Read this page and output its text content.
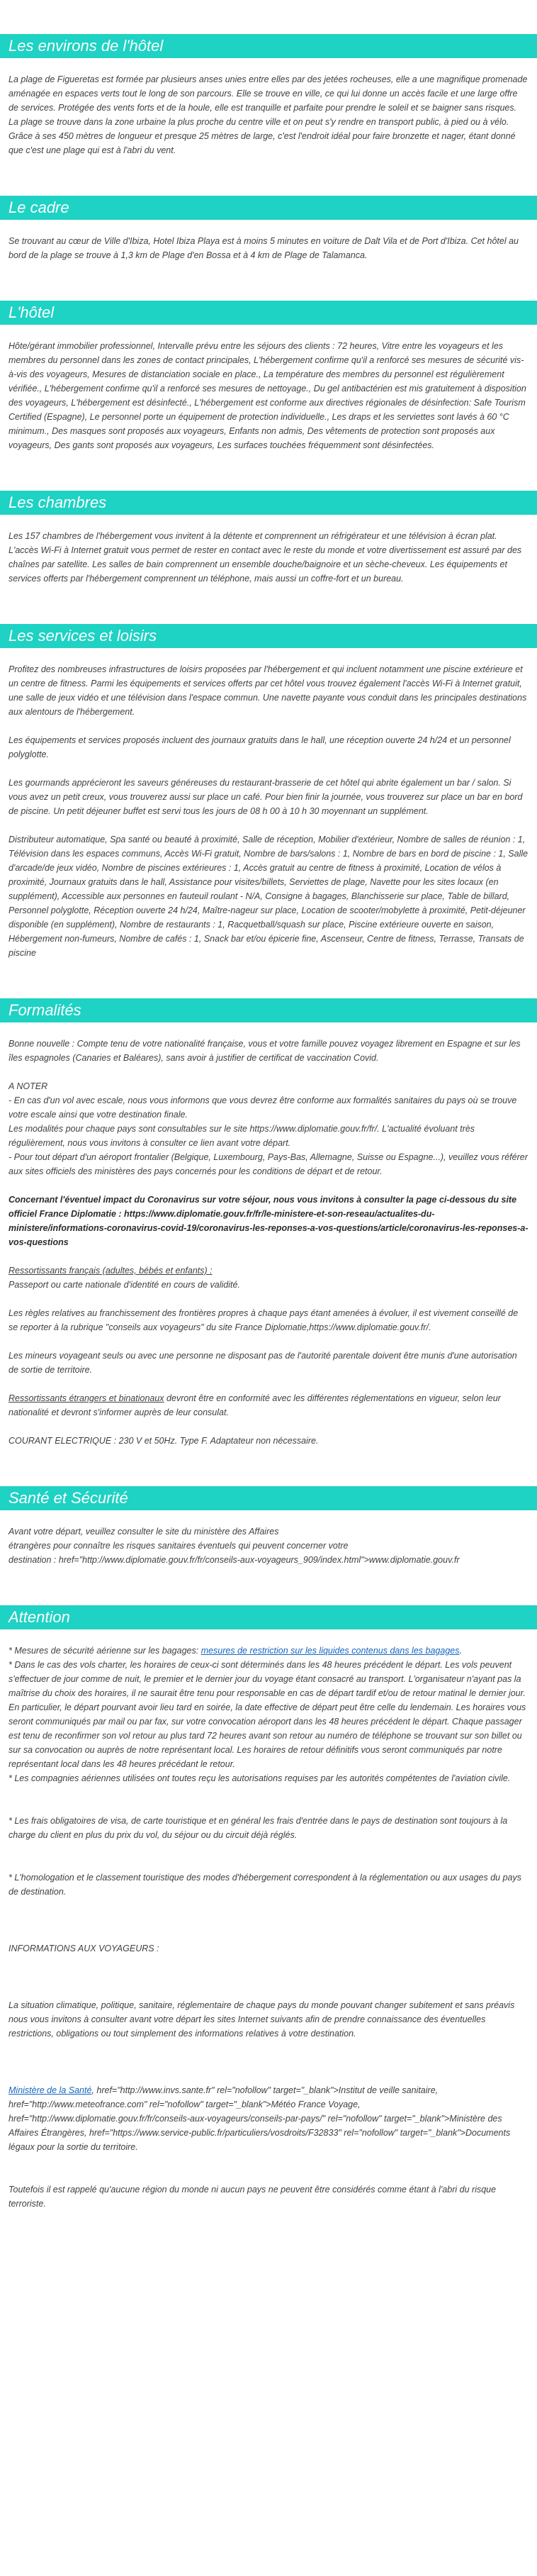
Les environs de l'hôtel

La plage de Figueretas est formée par plusieurs anses unies entre elles par des jetées rocheuses, elle a une magnifique promenade aménagée en espaces verts tout le long de son parcours. Elle se trouve en ville, ce qui lui donne un accès facile et une large offre de services. Protégée des vents forts et de la houle, elle est tranquille et parfaite pour prendre le soleil et se baigner sans risques.

La plage se trouve dans la zone urbaine la plus proche du centre ville et on peut s'y rendre en transport public, à pied ou à vélo. Grâce à ses 450 mètres de longueur et presque 25 mètres de large, c'est l'endroit idéal pour faire bronzette et nager, étant donné que c'est une plage qui est à l'abri du vent.

Le cadre

Se trouvant au cœur de Ville d'Ibiza, Hotel Ibiza Playa est à moins 5 minutes en voiture de Dalt Vila et de Port d'Ibiza. Cet hôtel au bord de la plage se trouve à 1,3 km de Plage d'en Bossa et à 4 km de Plage de Talamanca.

L'hôtel

Hôte/gérant immobilier professionnel, Intervalle prévu entre les séjours des clients : 72 heures, Vitre entre les voyageurs et les membres du personnel dans les zones de contact principales, L'hébergement confirme qu'il a renforcé ses mesures de sécurité vis-à-vis des voyageurs, Mesures de distanciation sociale en place., La température des membres du personnel est régulièrement vérifiée., L'hébergement confirme qu'il a renforcé ses mesures de nettoyage., Du gel antibactérien est mis gratuitement à disposition des voyageurs, L'hébergement est désinfecté., L'hébergement est conforme aux directives régionales de désinfection: Safe Tourism Certified (Espagne), Le personnel porte un équipement de protection individuelle., Les draps et les serviettes sont lavés à 60 °C minimum., Des masques sont proposés aux voyageurs, Enfants non admis, Des vêtements de protection sont proposés aux voyageurs, Des gants sont proposés aux voyageurs, Les surfaces touchées fréquemment sont désinfectées.

Les chambres

Les 157 chambres de l'hébergement vous invitent à la détente et comprennent un réfrigérateur et une télévision à écran plat. L'accès Wi-Fi à Internet gratuit vous permet de rester en contact avec le reste du monde et votre divertissement est assuré par des chaînes par satellite. Les salles de bain comprennent un ensemble douche/baignoire et un sèche-cheveux. Les équipements et services offerts par l'hébergement comprennent un téléphone, mais aussi un coffre-fort et un bureau.

Les services et loisirs

Profitez des nombreuses infrastructures de loisirs proposées par l'hébergement et qui incluent notamment une piscine extérieure et un centre de fitness. Parmi les équipements et services offerts par cet hôtel vous trouvez également l'accès Wi-Fi à Internet gratuit, une salle de jeux vidéo et une télévision dans l'espace commun. Une navette payante vous conduit dans les principales destinations aux alentours de l'hébergement.

Les équipements et services proposés incluent des journaux gratuits dans le hall, une réception ouverte 24 h/24 et un personnel polyglotte.

Les gourmands apprécieront les saveurs généreuses du restaurant-brasserie de cet hôtel qui abrite également un bar / salon. Si vous avez un petit creux, vous trouverez aussi sur place un café. Pour bien finir la journée, vous trouverez sur place un bar en bord de piscine. Un petit déjeuner buffet est servi tous les jours de 08 h 00 à 10 h 30 moyennant un supplément.

Distributeur automatique, Spa santé ou beauté à proximité, Salle de réception, Mobilier d'extérieur, Nombre de salles de réunion : 1, Télévision dans les espaces communs, Accès Wi-Fi gratuit, Nombre de bars/salons : 1, Nombre de bars en bord de piscine : 1, Salle d'arcade/de jeux vidéo, Nombre de piscines extérieures : 1, Accès gratuit au centre de fitness à proximité, Location de vélos à proximité, Journaux gratuits dans le hall, Assistance pour visites/billets, Serviettes de plage, Navette pour les sites locaux (en supplément), Accessible aux personnes en fauteuil roulant - N/A, Consigne à bagages, Blanchisserie sur place, Table de billard, Personnel polyglotte, Réception ouverte 24 h/24, Maître-nageur sur place, Location de scooter/mobylette à proximité, Petit-déjeuner disponible (en supplément), Nombre de restaurants : 1, Racquetball/squash sur place, Piscine extérieure ouverte en saison, Hébergement non-fumeurs, Nombre de cafés : 1, Snack bar et/ou épicerie fine, Ascenseur, Centre de fitness, Terrasse, Transats de piscine

Formalités

Bonne nouvelle : Compte tenu de votre nationalité française, vous et votre famille pouvez voyagez librement en Espagne et sur les îles espagnoles (Canaries et Baléares), sans avoir à justifier de certificat de vaccination Covid.

A NOTER

- En cas d'un vol avec escale, nous vous informons que vous devrez être conforme aux formalités sanitaires du pays où se trouve votre escale ainsi que votre destination finale.

Les modalités pour chaque pays sont consultables sur le site https://www.diplomatie.gouv.fr/fr/. L'actualité évoluant très régulièrement, nous vous invitons à consulter ce lien avant votre départ.

- Pour tout départ d'un aéroport frontalier (Belgique, Luxembourg, Pays-Bas, Allemagne, Suisse ou Espagne...), veuillez vous référer aux sites officiels des ministères des pays concernés pour les conditions de départ et de retour.

Concernant l'éventuel impact du Coronavirus sur votre séjour, nous vous invitons à consulter la page ci-dessous du site officiel France Diplomatie : https://www.diplomatie.gouv.fr/fr/le-ministere-et-son-reseau/actualites-du-ministere/informations-coronavirus-covid-19/coronavirus-les-reponses-a-vos-questions/article/coronavirus-les-reponses-a-vos-questions

Ressortissants français (adultes, bébés et enfants) :

Passeport ou carte nationale d'identité en cours de validité.

Les règles relatives au franchissement des frontières propres à chaque pays étant amenées à évoluer, il est vivement conseillé de se reporter à la rubrique "conseils aux voyageurs" du site France Diplomatie,https://www.diplomatie.gouv.fr/.

Les mineurs voyageant seuls ou avec une personne ne disposant pas de l'autorité parentale doivent être munis d'une autorisation de sortie de territoire.

Ressortissants étrangers et binationaux devront être en conformité avec les différentes réglementations en vigueur, selon leur nationalité et devront s'informer auprès de leur consulat.

COURANT ELECTRIQUE : 230 V et 50Hz. Type F. Adaptateur non nécessaire.

Santé et Sécurité

Avant votre départ, veuillez consulter le site du ministère des Affaires

étrangères pour connaître les risques sanitaires éventuels qui peuvent concerner votre

destination : href="http://www.diplomatie.gouv.fr/fr/conseils-aux-voyageurs_909/index.html">www.diplomatie.gouv.fr

Attention

* Mesures de sécurité aérienne sur les bagages: mesures de restriction sur les liquides contenus dans les bagages.

* Dans le cas des vols charter, les horaires de ceux-ci sont déterminés dans les 48 heures précédent le départ. Les vols peuvent s'effectuer de jour comme de nuit, le premier et le dernier jour du voyage étant consacré au transport. L'organisateur n'ayant pas la maîtrise du choix des horaires, il ne saurait être tenu pour responsable en cas de départ tardif et/ou de retour matinal le dernier jour. En particulier, le départ pourvant avoir lieu tard en soirée, la date effective de départ peut être celle du lendemain. Les horaires vous seront communiqués par mail ou par fax, sur votre convocation aéroport dans les 48 heures précédent le départ. Chaque passager est tenu de reconfirmer son vol retour au plus tard 72 heures avant son retour au numéro de téléphone se trouvant sur son billet ou sur sa convocation ou auprès de notre représentant local. Les horaires de retour définitifs vous seront communiqués par notre représentant local dans les 48 heures précédant le retour.

* Les compagnies aériennes utilisées ont toutes reçu les autorisations requises par les autorités compétentes de l'aviation civile.

* Les frais obligatoires de visa, de carte touristique et en général les frais d'entrée dans le pays de destination sont toujours à la charge du client en plus du prix du vol, du séjour ou du circuit déjà réglés.

* L'homologation et le classement touristique des modes d'hébergement correspondent à la réglementation ou aux usages du pays de destination.

INFORMATIONS AUX VOYAGEURS :

La situation climatique, politique, sanitaire, réglementaire de chaque pays du monde pouvant changer subitement et sans préavis

nous vous invitons à consulter avant votre départ les sites Internet suivants afin de prendre connaissance des éventuelles restrictions, obligations ou tout simplement des informations relatives à votre destination.

Ministère de la Santé, href="http://www.invs.sante.fr" rel="nofollow" target="_blank">Institut de veille sanitaire, href="http://www.meteofrance.com" rel="nofollow" target="_blank">Météo France Voyage, href="http://www.diplomatie.gouv.fr/fr/conseils-aux-voyageurs/conseils-par-pays/" rel="nofollow" target="_blank">Ministère des Affaires Étrangères, href="https://www.service-public.fr/particuliers/vosdroits/F32833" rel="nofollow" target="_blank">Documents légaux pour la sortie du territoire.

Toutefois il est rappelé qu'aucune région du monde ni aucun pays ne peuvent être considérés comme étant à l'abri du risque terroriste.
